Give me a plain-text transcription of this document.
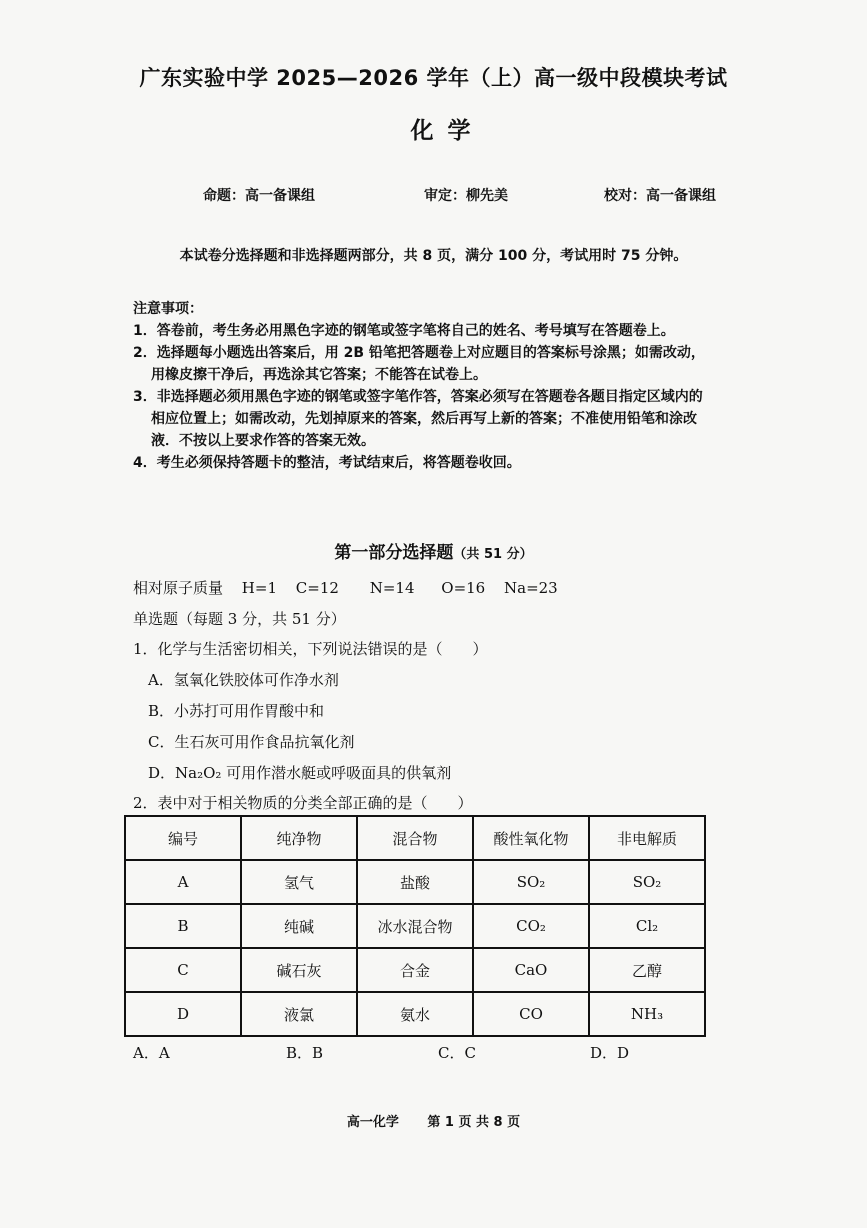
广东实验中学 2025—2026 学年（上）高一级中段模块考试
化学
命题：高一备课组	审定：柳先美	校对：高一备课组
本试卷分选择题和非选择题两部分，共 8 页，满分 100 分，考试用时 75 分钟。
注意事项：
1．答卷前，考生务必用黑色字迹的钢笔或签字笔将自己的姓名、考号填写在答题卷上。
2．选择题每小题选出答案后，用 2B 铅笔把答题卷上对应题目的答案标号涂黑；如需改动，
用橡皮擦干净后，再选涂其它答案；不能答在试卷上。
3．非选择题必须用黑色字迹的钢笔或签字笔作答，答案必须写在答题卷各题目指定区域内的
相应位置上；如需改动，先划掉原来的答案，然后再写上新的答案；不准使用铅笔和涂改
液．不按以上要求作答的答案无效。
4．考生必须保持答题卡的整洁，考试结束后，将答题卷收回。
第一部分选择题（共 51 分）
相对原子质量 H=1 C=12 N=14 O=16 Na=23
单选题（每题 3 分，共 51 分）
1．化学与生活密切相关，下列说法错误的是（　　）
A．氢氧化铁胶体可作净水剂
B．小苏打可用作胃酸中和
C．生石灰可用作食品抗氧化剂
D．Na₂O₂ 可用作潜水艇或呼吸面具的供氧剂
2．表中对于相关物质的分类全部正确的是（　　）
编号	纯净物	混合物	酸性氧化物	非电解质
A	氢气	盐酸	SO₂	SO₂
B	纯碱	冰水混合物	CO₂	Cl₂
C	碱石灰	合金	CaO	乙醇
D	液氯	氨水	CO	NH₃
A．A	B．B	C．C	D．D
高一化学 第 1 页 共 8 页
